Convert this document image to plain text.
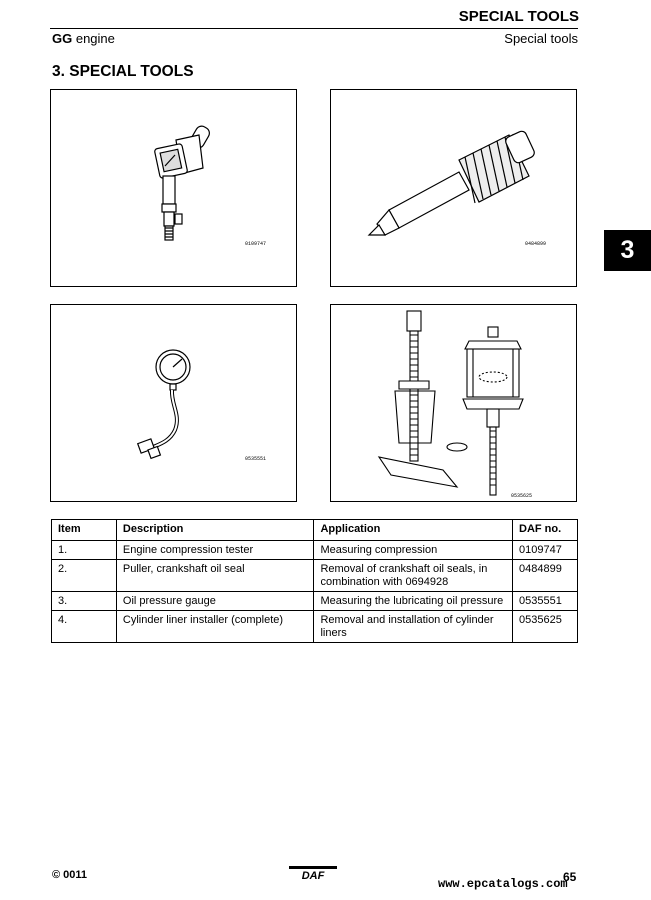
SPECIAL TOOLS
GG engine	Special tools
3. SPECIAL TOOLS
3
0109747	0484899
0535551
0535625
Item	Description	Application	DAF no.
1.	Engine compression tester	Measuring compression	0109747
2.	Puller, crankshaft oil seal	Removal of crankshaft oil seals, in combination with 0694928	0484899
3.	Oil pressure gauge	Measuring the lubricating oil pressure	0535551
4.	Cylinder liner installer (complete)	Removal and installation of cylinder liners	0535625
© 0011	DAF	65
www.epcatalogs.com
